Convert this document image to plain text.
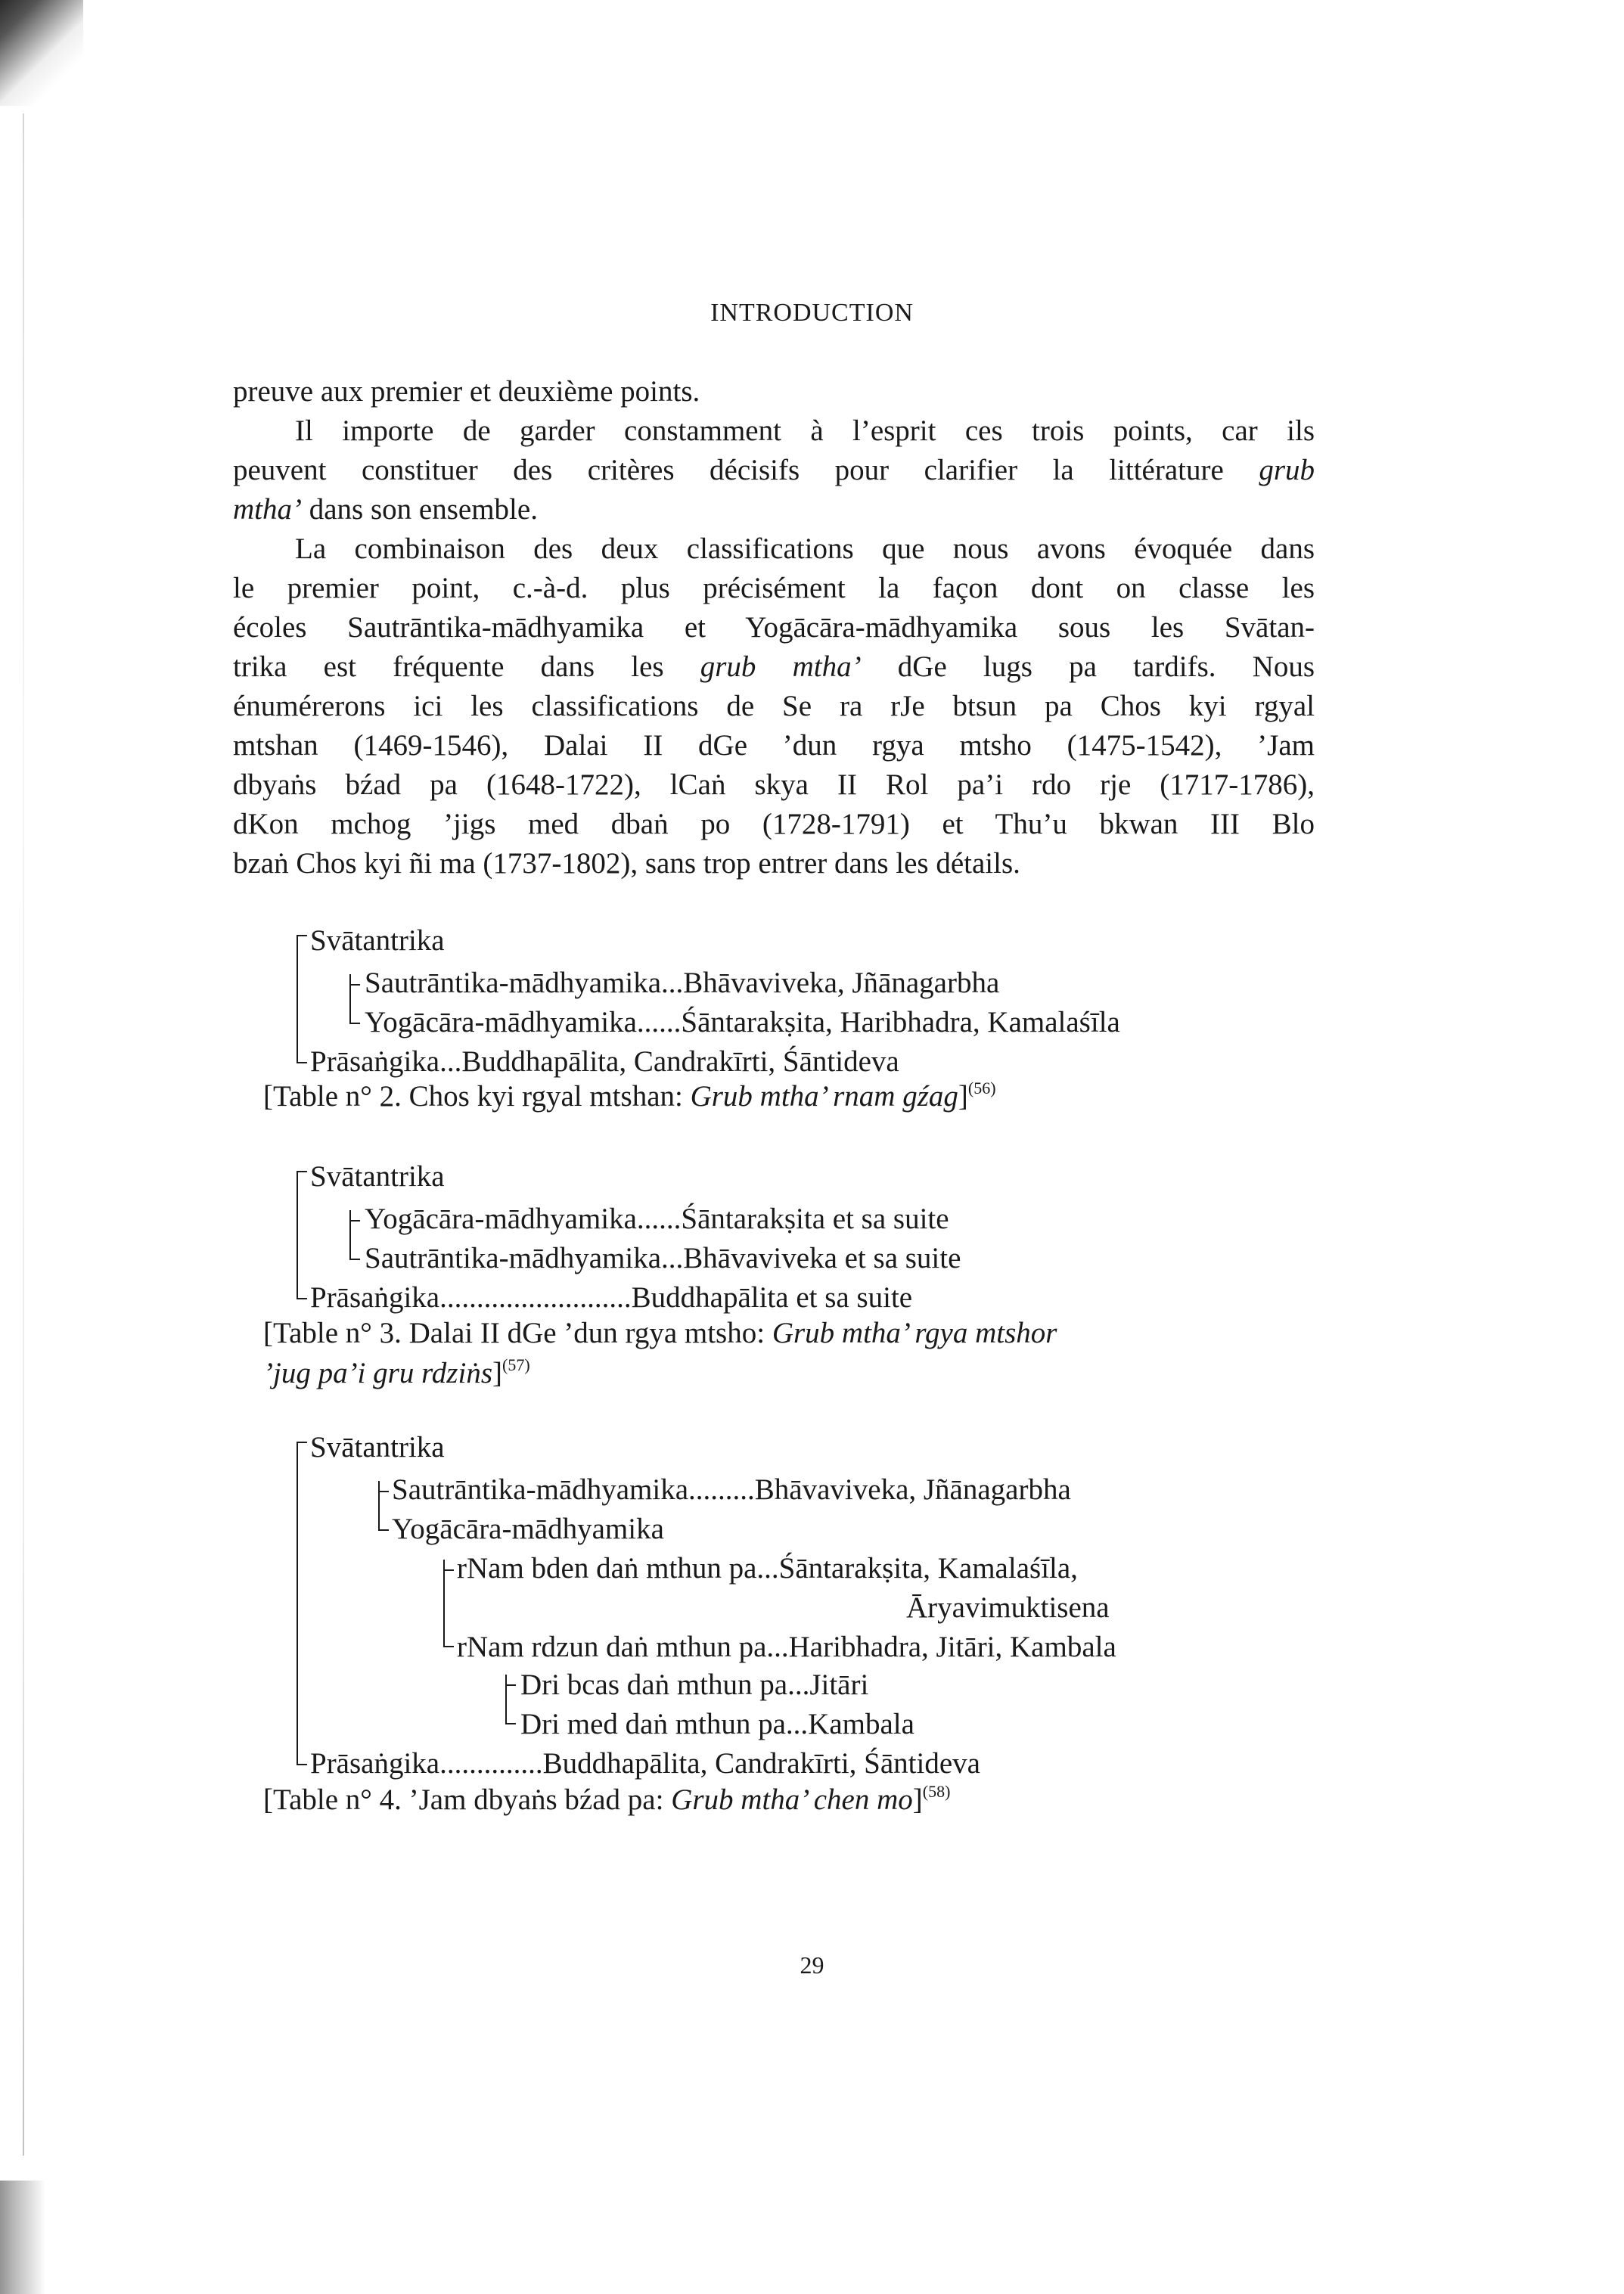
INTRODUCTION
preuve aux premier et deuxième points.
Il importe de garder constamment à l’esprit ces trois points, car ils
peuvent constituer des critères décisifs pour clarifier la littérature grub
mtha’ dans son ensemble.
La combinaison des deux classifications que nous avons évoquée dans
le premier point, c.-à-d. plus précisément la façon dont on classe les
écoles Sautrāntika-mādhyamika et Yogācāra-mādhyamika sous les Svātan-
trika est fréquente dans les grub mtha’ dGe lugs pa tardifs. Nous
énumérerons ici les classifications de Se ra rJe btsun pa Chos kyi rgyal
mtshan (1469-1546), Dalai II dGe ’dun rgya mtsho (1475-1542), ’Jam
dbyaṅs bźad pa (1648-1722), lCaṅ skya II Rol pa’i rdo rje (1717-1786),
dKon mchog ’jigs med dbaṅ po (1728-1791) et Thu’u bkwan III Blo
bzaṅ Chos kyi ñi ma (1737-1802), sans trop entrer dans les détails.
Svātantrika
Sautrāntika-mādhyamika...Bhāvaviveka, Jñānagarbha
Yogācāra-mādhyamika......Śāntarakṣita, Haribhadra, Kamalaśīla
Prāsaṅgika...Buddhapālita, Candrakīrti, Śāntideva
[Table n° 2. Chos kyi rgyal mtshan: Grub mtha’ rnam gźag]$^{(56)}$
Svātantrika
Yogācāra-mādhyamika......Śāntarakṣita et sa suite
Sautrāntika-mādhyamika...Bhāvaviveka et sa suite
Prāsaṅgika..........................Buddhapālita et sa suite
[Table n° 3. Dalai II dGe ’dun rgya mtsho: Grub mtha’ rgya mtshor
’jug pa’i gru rdziṅs]$^{(57)}$
Svātantrika
Sautrāntika-mādhyamika.........Bhāvaviveka, Jñānagarbha
Yogācāra-mādhyamika
rNam bden daṅ mthun pa...Śāntarakṣita, Kamalaśīla,
Āryavimuktisena
rNam rdzun daṅ mthun pa...Haribhadra, Jitāri, Kambala
Dri bcas daṅ mthun pa...Jitāri
Dri med daṅ mthun pa...Kambala
Prāsaṅgika..............Buddhapālita, Candrakīrti, Śāntideva
[Table n° 4. ’Jam dbyaṅs bźad pa: Grub mtha’ chen mo]$^{(58)}$
29
